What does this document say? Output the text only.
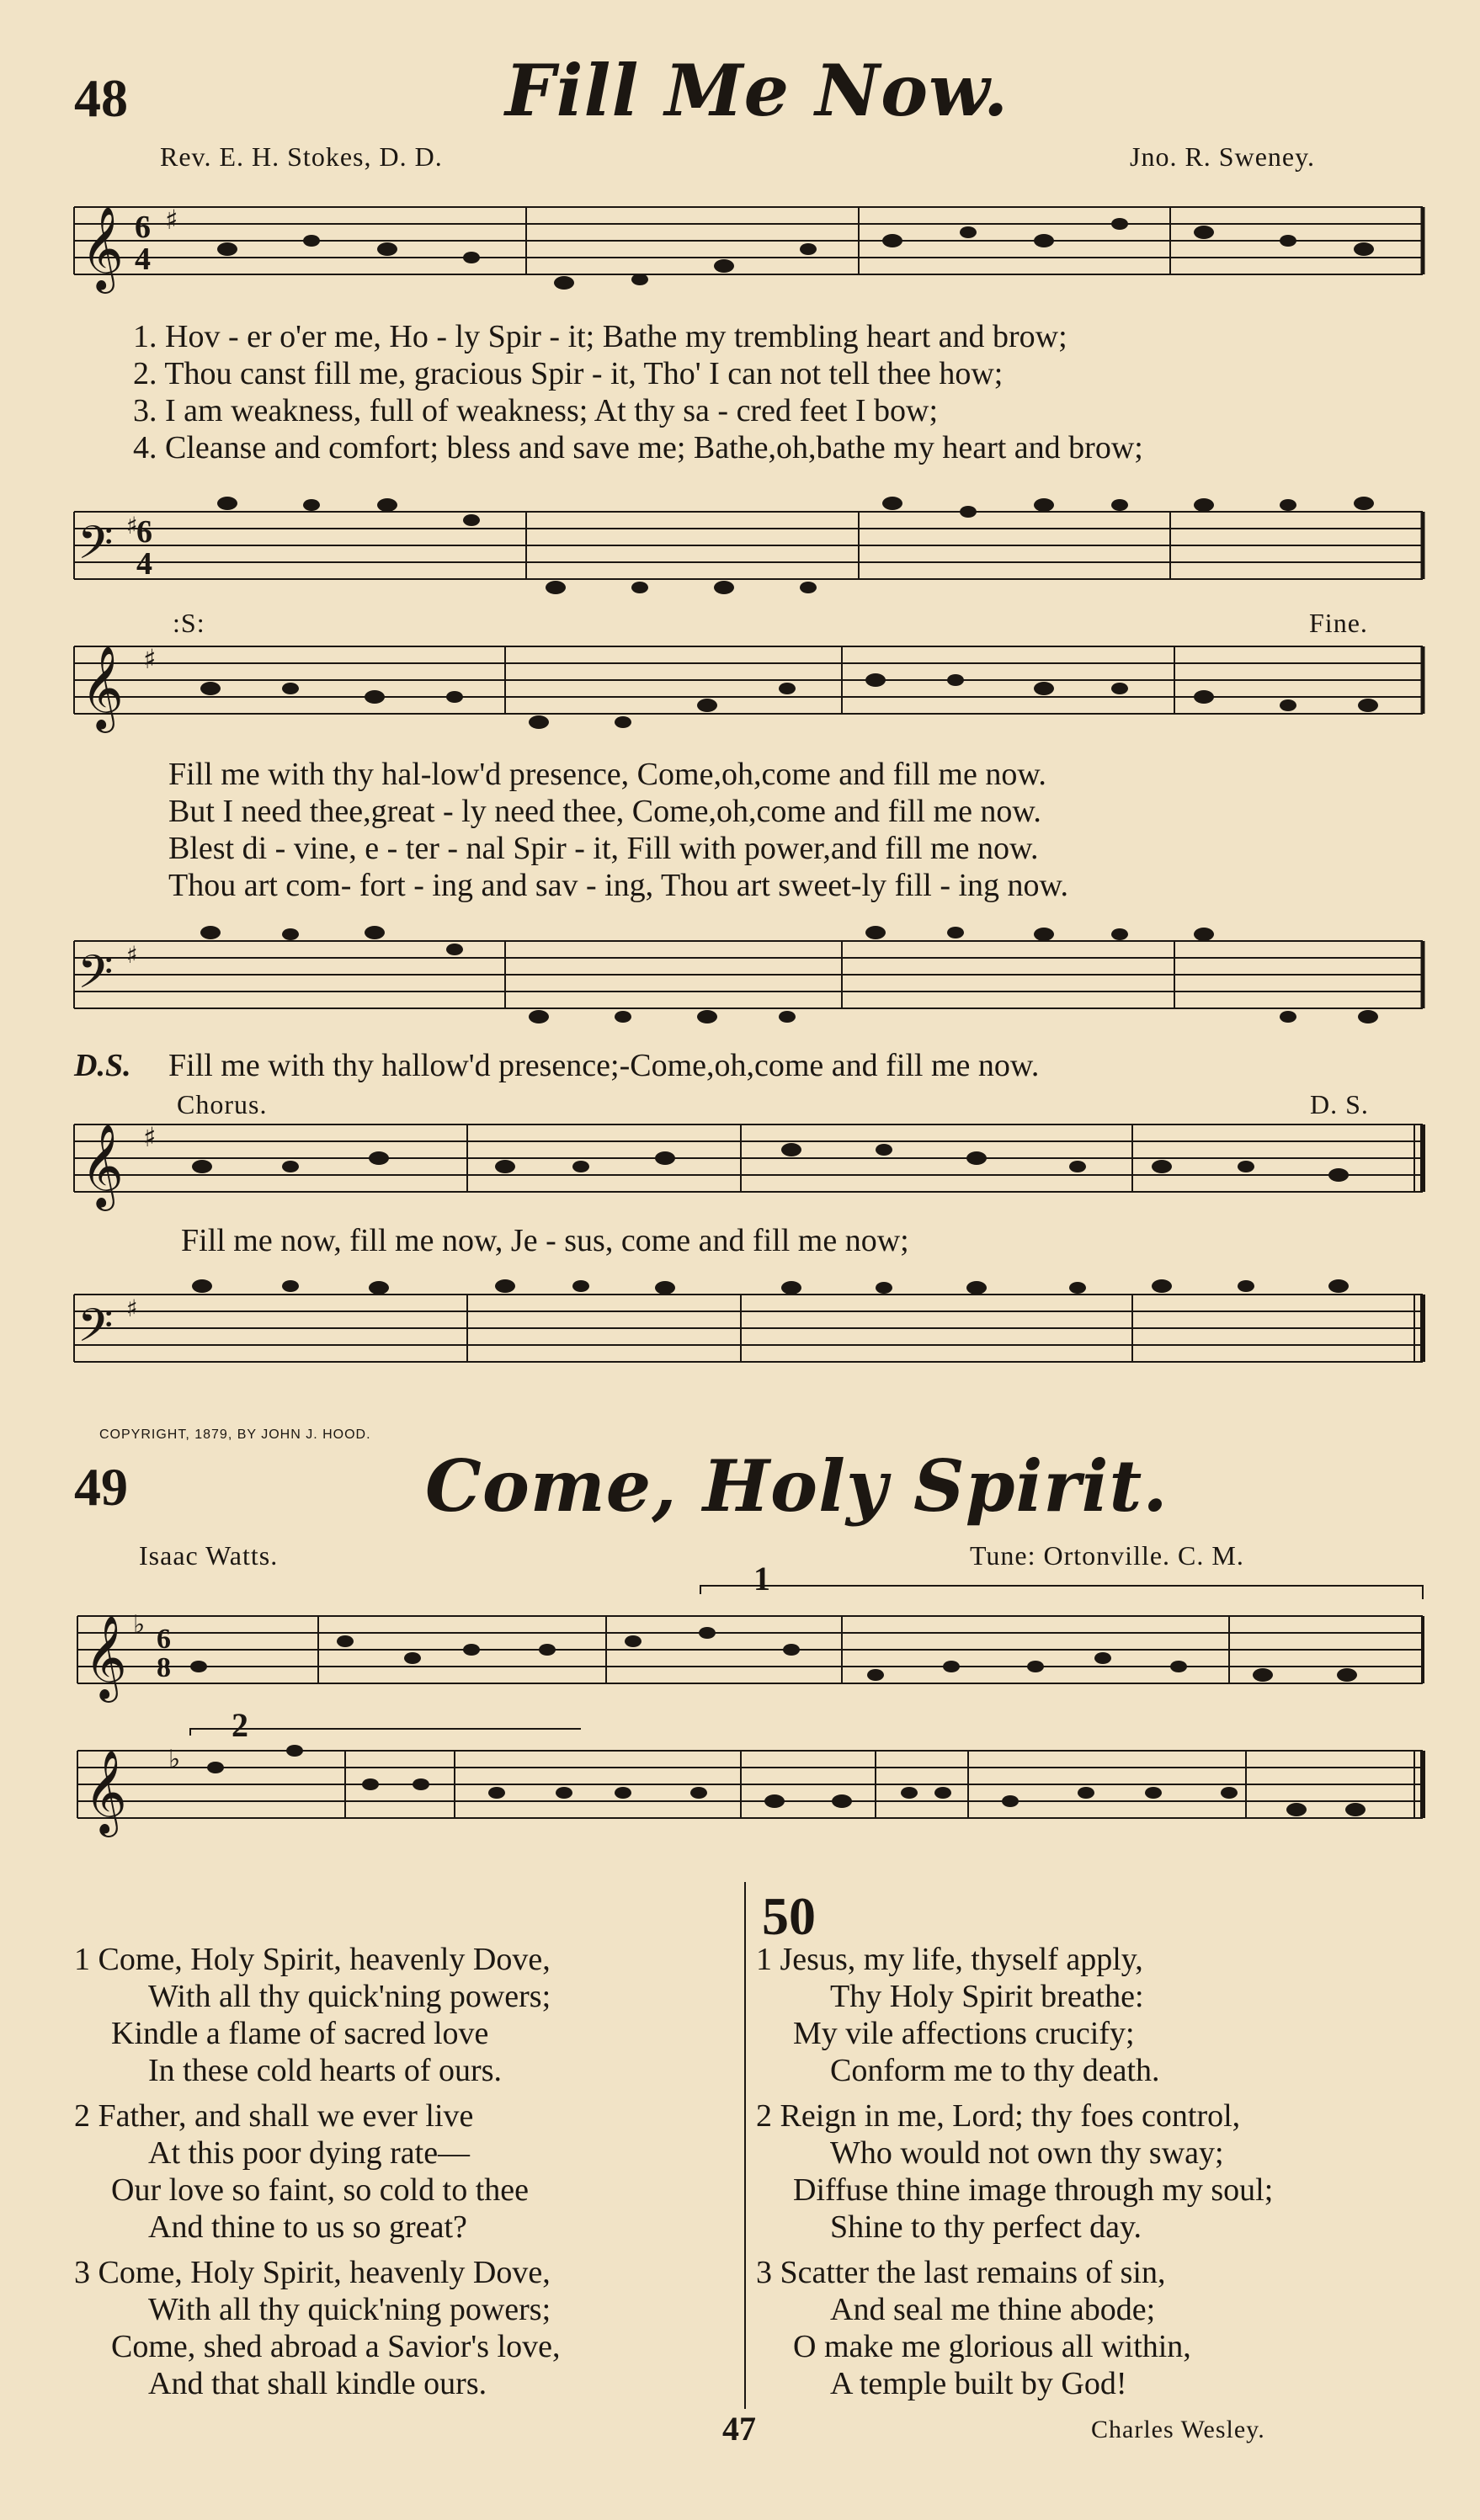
48	Fill Me Now.
Rev. E. H. Stokes, D. D.	Jno. R. Sweney.
𝄞 6
4
♯
1. Hov - er o'er me, Ho - ly Spir - it; Bathe my trembling heart and brow;
2. Thou canst fill me, gracious Spir - it, Tho' I can not tell thee how;
3. I am weakness, full of weakness; At thy sa - cred feet I bow;
4. Cleanse and comfort; bless and save me; Bathe,oh,bathe my heart and brow;
𝄢 6
4
♯
:S:	Fine.
𝄞 ♯
Fill me with thy hal-low'd presence, Come,oh,come and fill me now.
But I need thee,great - ly need thee, Come,oh,come and fill me now.
Blest di - vine, e - ter - nal Spir - it, Fill with power,and fill me now.
Thou art com- fort - ing and sav - ing, Thou art sweet-ly fill - ing now.
𝄢 ♯
D.S. Fill me with thy hallow'd presence;-Come,oh,come and fill me now.
Chorus.	D. S.
𝄞 ♯
Fill me now, fill me now, Je - sus, come and fill me now;
𝄢 ♯
COPYRIGHT, 1879, BY JOHN J. HOOD.
49	Come, Holy Spirit.
Isaac Watts.	Tune: Ortonville. C. M.
𝄞 ♭ 6
8
1
𝄞 ♭
2
1 Come, Holy Spirit, heavenly Dove,
With all thy quick'ning powers;
Kindle a flame of sacred love
In these cold hearts of ours.
2 Father, and shall we ever live
At this poor dying rate—
Our love so faint, so cold to thee
And thine to us so great?
3 Come, Holy Spirit, heavenly Dove,
With all thy quick'ning powers;
Come, shed abroad a Savior's love,
And that shall kindle ours.
50
1 Jesus, my life, thyself apply,
Thy Holy Spirit breathe:
My vile affections crucify;
Conform me to thy death.
2 Reign in me, Lord; thy foes control,
Who would not own thy sway;
Diffuse thine image through my soul;
Shine to thy perfect day.
3 Scatter the last remains of sin,
And seal me thine abode;
O make me glorious all within,
A temple built by God!
Charles Wesley.
47
